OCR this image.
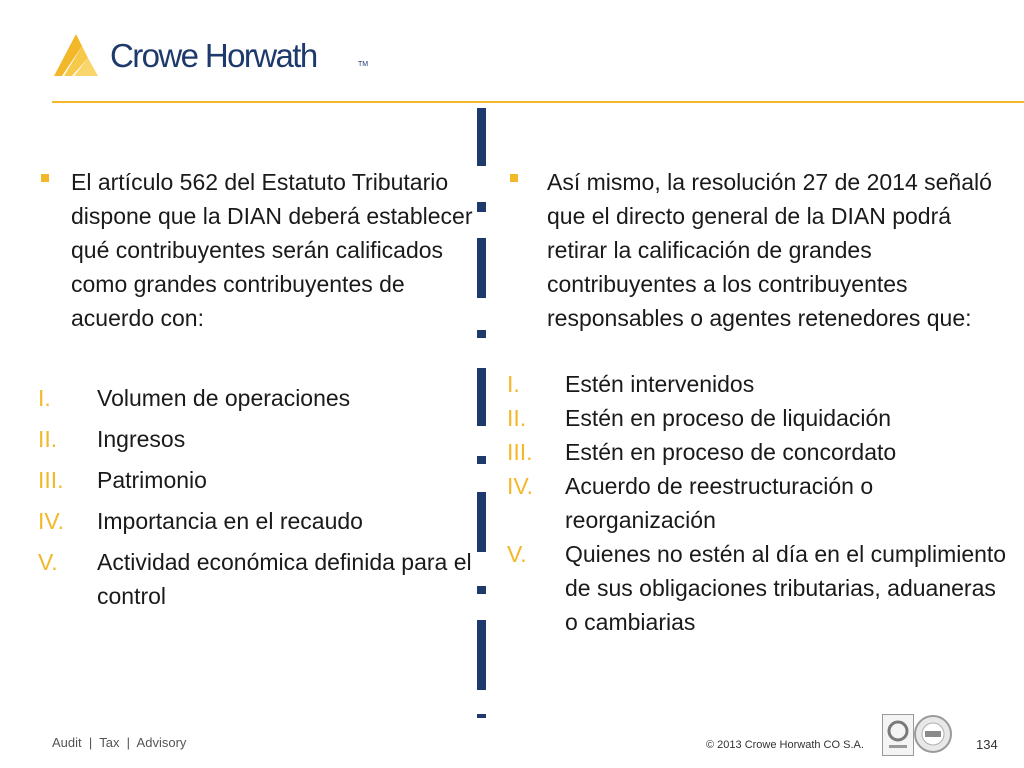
Crowe Horwath	TM

El artículo 562 del Estatuto Tributario dispone que la DIAN deberá establecer qué contribuyentes serán calificados como grandes contribuyentes de acuerdo con:

I. Volumen de operaciones
II. Ingresos
III. Patrimonio
IV. Importancia en el recaudo
V. Actividad económica definida para el control

Así mismo, la resolución 27 de 2014 señaló que el directo general de la DIAN podrá retirar la calificación de grandes contribuyentes a los contribuyentes responsables o agentes retenedores que:

I. Estén intervenidos
II. Estén en proceso de liquidación
III. Estén en proceso de concordato
IV. Acuerdo de reestructuración o reorganización
V. Quienes no estén al día en el cumplimiento de sus obligaciones tributarias, aduaneras o cambiarias
Audit  |  Tax  |  Advisory	© 2013 Crowe Horwath CO S.A.	134
